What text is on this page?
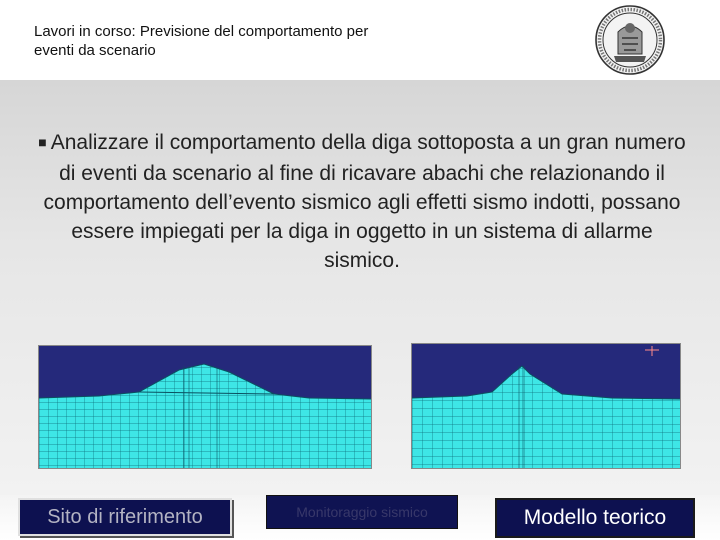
Lavori in corso: Previsione del comportamento per
eventi da scenario
■ Analizzare il comportamento della diga sottoposta a un gran numero di eventi da scenario al fine di ricavare abachi che relazionando il comportamento dell’evento sismico agli effetti sismo indotti, possano essere impiegati per la diga in oggetto in un sistema di allarme sismico.
Sito di riferimento	Monitoraggio sismico	Modello teorico
